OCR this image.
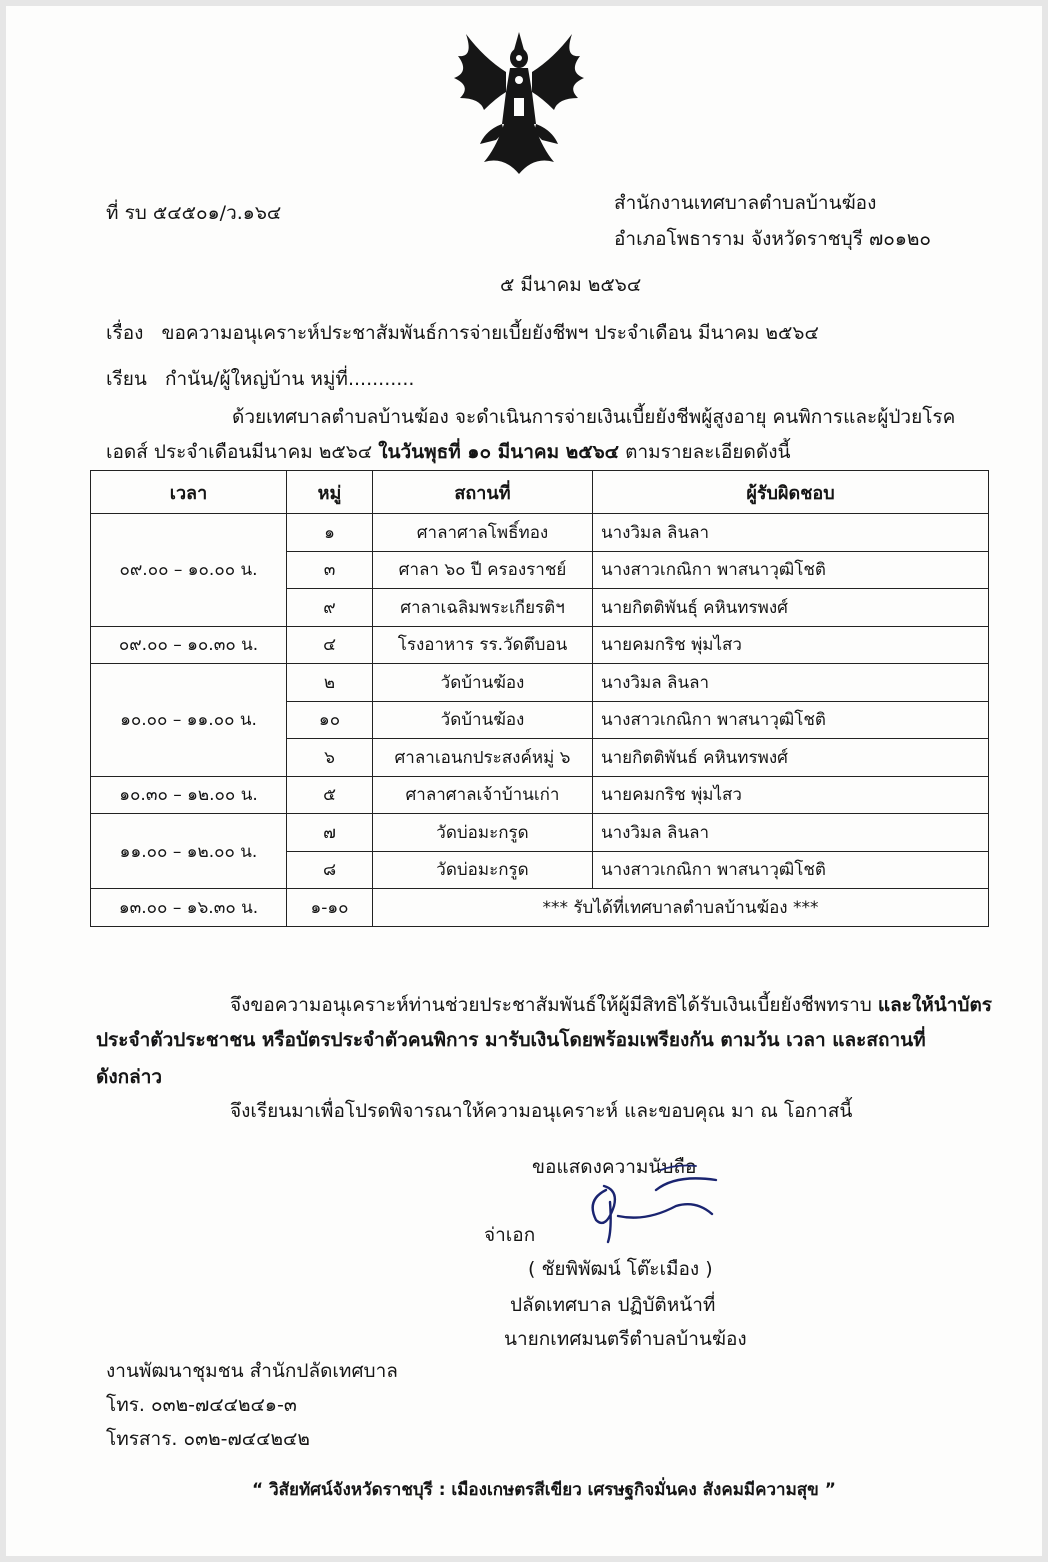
ที่ รบ ๕๔๕๐๑/ว.๑๖๔	สำนักงานเทศบาลตำบลบ้านฆ้อง
อำเภอโพธาราม จังหวัดราชบุรี ๗๐๑๒๐
๕ มีนาคม ๒๕๖๔
เรื่อง ขอความอนุเคราะห์ประชาสัมพันธ์การจ่ายเบี้ยยังชีพฯ ประจำเดือน มีนาคม ๒๕๖๔
เรียน กำนัน/ผู้ใหญ่บ้าน หมู่ที่...........
ด้วยเทศบาลตำบลบ้านฆ้อง จะดำเนินการจ่ายเงินเบี้ยยังชีพผู้สูงอายุ คนพิการและผู้ป่วยโรค
เอดส์ ประจำเดือนมีนาคม ๒๕๖๔ ในวันพุธที่ ๑๐ มีนาคม ๒๕๖๔ ตามรายละเอียดดังนี้
เวลา	หมู่	สถานที่	ผู้รับผิดชอบ
๐๙.๐๐ – ๑๐.๐๐ น.	๑	ศาลาศาลโพธิ์ทอง	นางวิมล ลินลา
	๓	ศาลา ๖๐ ปี ครองราชย์	นางสาวเกณิกา พาสนาวุฒิโชติ
	๙	ศาลาเฉลิมพระเกียรติฯ	นายกิตติพันธุ์ คหินทรพงศ์
๐๙.๐๐ – ๑๐.๓๐ น.	๔	โรงอาหาร รร.วัดตึบอน	นายคมกริช พุ่มไสว
๑๐.๐๐ – ๑๑.๐๐ น.	๒	วัดบ้านฆ้อง	นางวิมล ลินลา
	๑๐	วัดบ้านฆ้อง	นางสาวเกณิกา พาสนาวุฒิโชติ
	๖	ศาลาเอนกประสงค์หมู่ ๖	นายกิตติพันธ์ คหินทรพงศ์
๑๐.๓๐ – ๑๒.๐๐ น.	๕	ศาลาศาลเจ้าบ้านเก่า	นายคมกริช พุ่มไสว
๑๑.๐๐ – ๑๒.๐๐ น.	๗	วัดบ่อมะกรูด	นางวิมล ลินลา
	๘	วัดบ่อมะกรูด	นางสาวเกณิกา พาสนาวุฒิโชติ
๑๓.๐๐ – ๑๖.๓๐ น.	๑-๑๐	*** รับได้ที่เทศบาลตำบลบ้านฆ้อง ***	
จึงขอความอนุเคราะห์ท่านช่วยประชาสัมพันธ์ให้ผู้มีสิทธิได้รับเงินเบี้ยยังชีพทราบ และให้นำบัตร
ประจำตัวประชาชน หรือบัตรประจำตัวคนพิการ มารับเงินโดยพร้อมเพรียงกัน ตามวัน เวลา และสถานที่
ดังกล่าว
จึงเรียนมาเพื่อโปรดพิจารณาให้ความอนุเคราะห์ และขอบคุณ มา ณ โอกาสนี้
ขอแสดงความนับถือ
จ่าเอก
( ชัยพิพัฒน์ โต๊ะเมือง )
ปลัดเทศบาล ปฏิบัติหน้าที่
นายกเทศมนตรีตำบลบ้านฆ้อง
งานพัฒนาชุมชน สำนักปลัดเทศบาล
โทร. ๐๓๒-๗๔๔๒๔๑-๓
โทรสาร. ๐๓๒-๗๔๔๒๔๒
“ วิสัยทัศน์จังหวัดราชบุรี : เมืองเกษตรสีเขียว เศรษฐกิจมั่นคง สังคมมีความสุข ”
